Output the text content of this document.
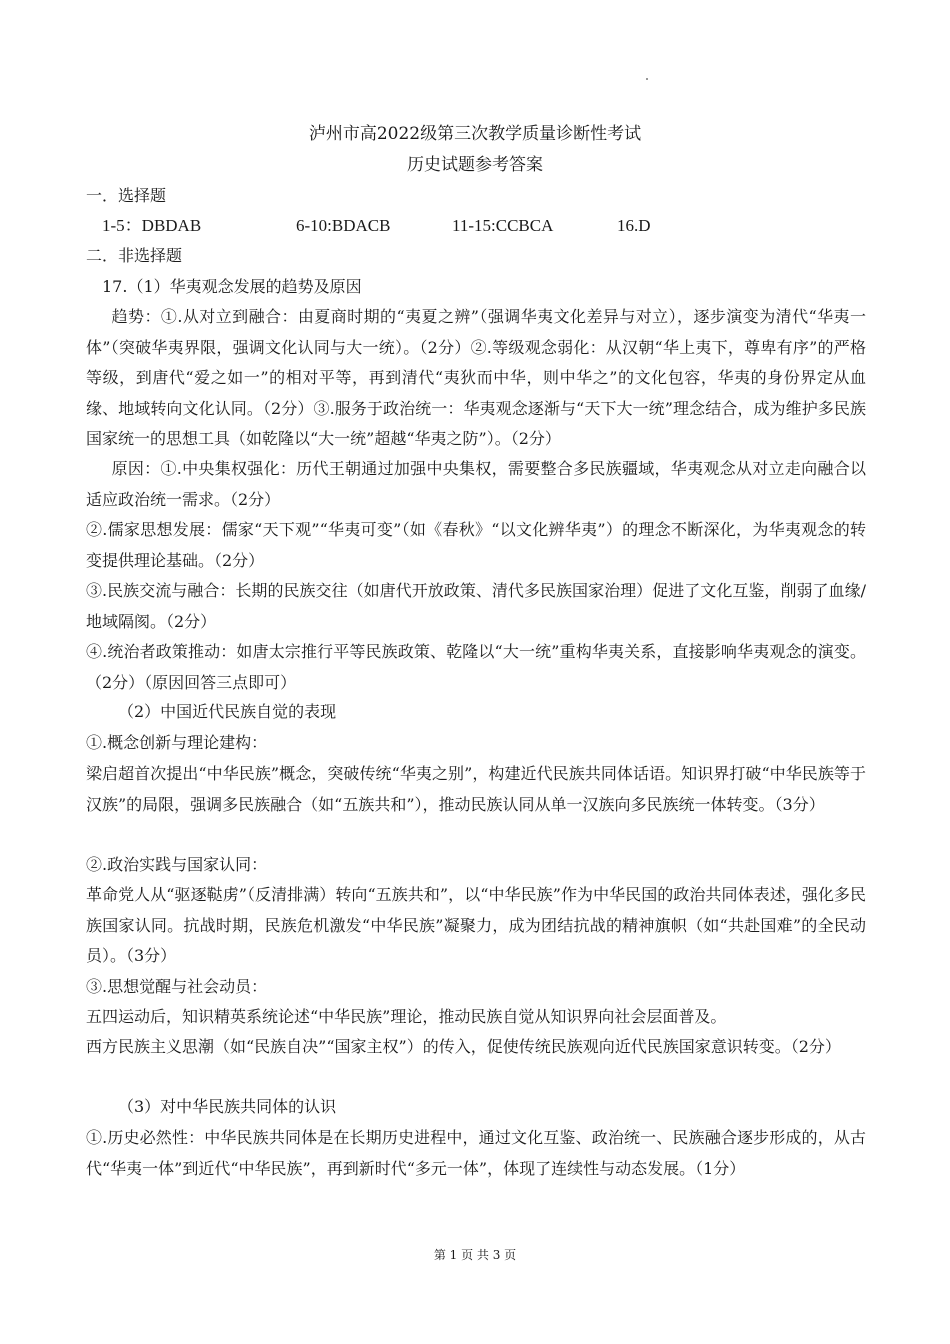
泸州市高2022级第三次教学质量诊断性考试
历史试题参考答案
一．选择题
1-5：DBDAB	6-10:BDACB	11-15:CCBCA	16.D
二．非选择题
17.（1）华夷观念发展的趋势及原因
趋势：①.从对立到融合：由夏商时期的“夷夏之辨”（强调华夷文化差异与对立），逐步演变为清代“华夷一体”（突破华夷界限，强调文化认同与大一统）。（2分）②.等级观念弱化：从汉朝“华上夷下，尊卑有序”的严格等级，到唐代“爱之如一”的相对平等，再到清代“夷狄而中华，则中华之”的文化包容，华夷的身份界定从血缘、地域转向文化认同。（2分）③.服务于政治统一：华夷观念逐渐与“天下大一统”理念结合，成为维护多民族国家统一的思想工具（如乾隆以“大一统”超越“华夷之防”）。（2分）
原因：①.中央集权强化：历代王朝通过加强中央集权，需要整合多民族疆域，华夷观念从对立走向融合以适应政治统一需求。（2分）
②.儒家思想发展：儒家“天下观”“华夷可变”（如《春秋》“以文化辨华夷”）的理念不断深化，为华夷观念的转变提供理论基础。（2分）
③.民族交流与融合：长期的民族交往（如唐代开放政策、清代多民族国家治理）促进了文化互鉴，削弱了血缘/地域隔阂。（2分）
④.统治者政策推动：如唐太宗推行平等民族政策、乾隆以“大一统”重构华夷关系，直接影响华夷观念的演变。（2分）（原因回答三点即可）
（2）中国近代民族自觉的表现
①.概念创新与理论建构：
梁启超首次提出“中华民族”概念，突破传统“华夷之别”，构建近代民族共同体话语。知识界打破“中华民族等于汉族”的局限，强调多民族融合（如“五族共和”），推动民族认同从单一汉族向多民族统一体转变。（3分）
②.政治实践与国家认同：
革命党人从“驱逐鞑虏”（反清排满）转向“五族共和”，以“中华民族”作为中华民国的政治共同体表述，强化多民族国家认同。抗战时期，民族危机激发“中华民族”凝聚力，成为团结抗战的精神旗帜（如“共赴国难”的全民动员）。（3分）
③.思想觉醒与社会动员：
五四运动后，知识精英系统论述“中华民族”理论，推动民族自觉从知识界向社会层面普及。
西方民族主义思潮（如“民族自决”“国家主权”）的传入，促使传统民族观向近代民族国家意识转变。（2分）
（3）对中华民族共同体的认识
①.历史必然性：中华民族共同体是在长期历史进程中，通过文化互鉴、政治统一、民族融合逐步形成的，从古代“华夷一体”到近代“中华民族”，再到新时代“多元一体”，体现了连续性与动态发展。（1分）
第 1 页 共 3 页
